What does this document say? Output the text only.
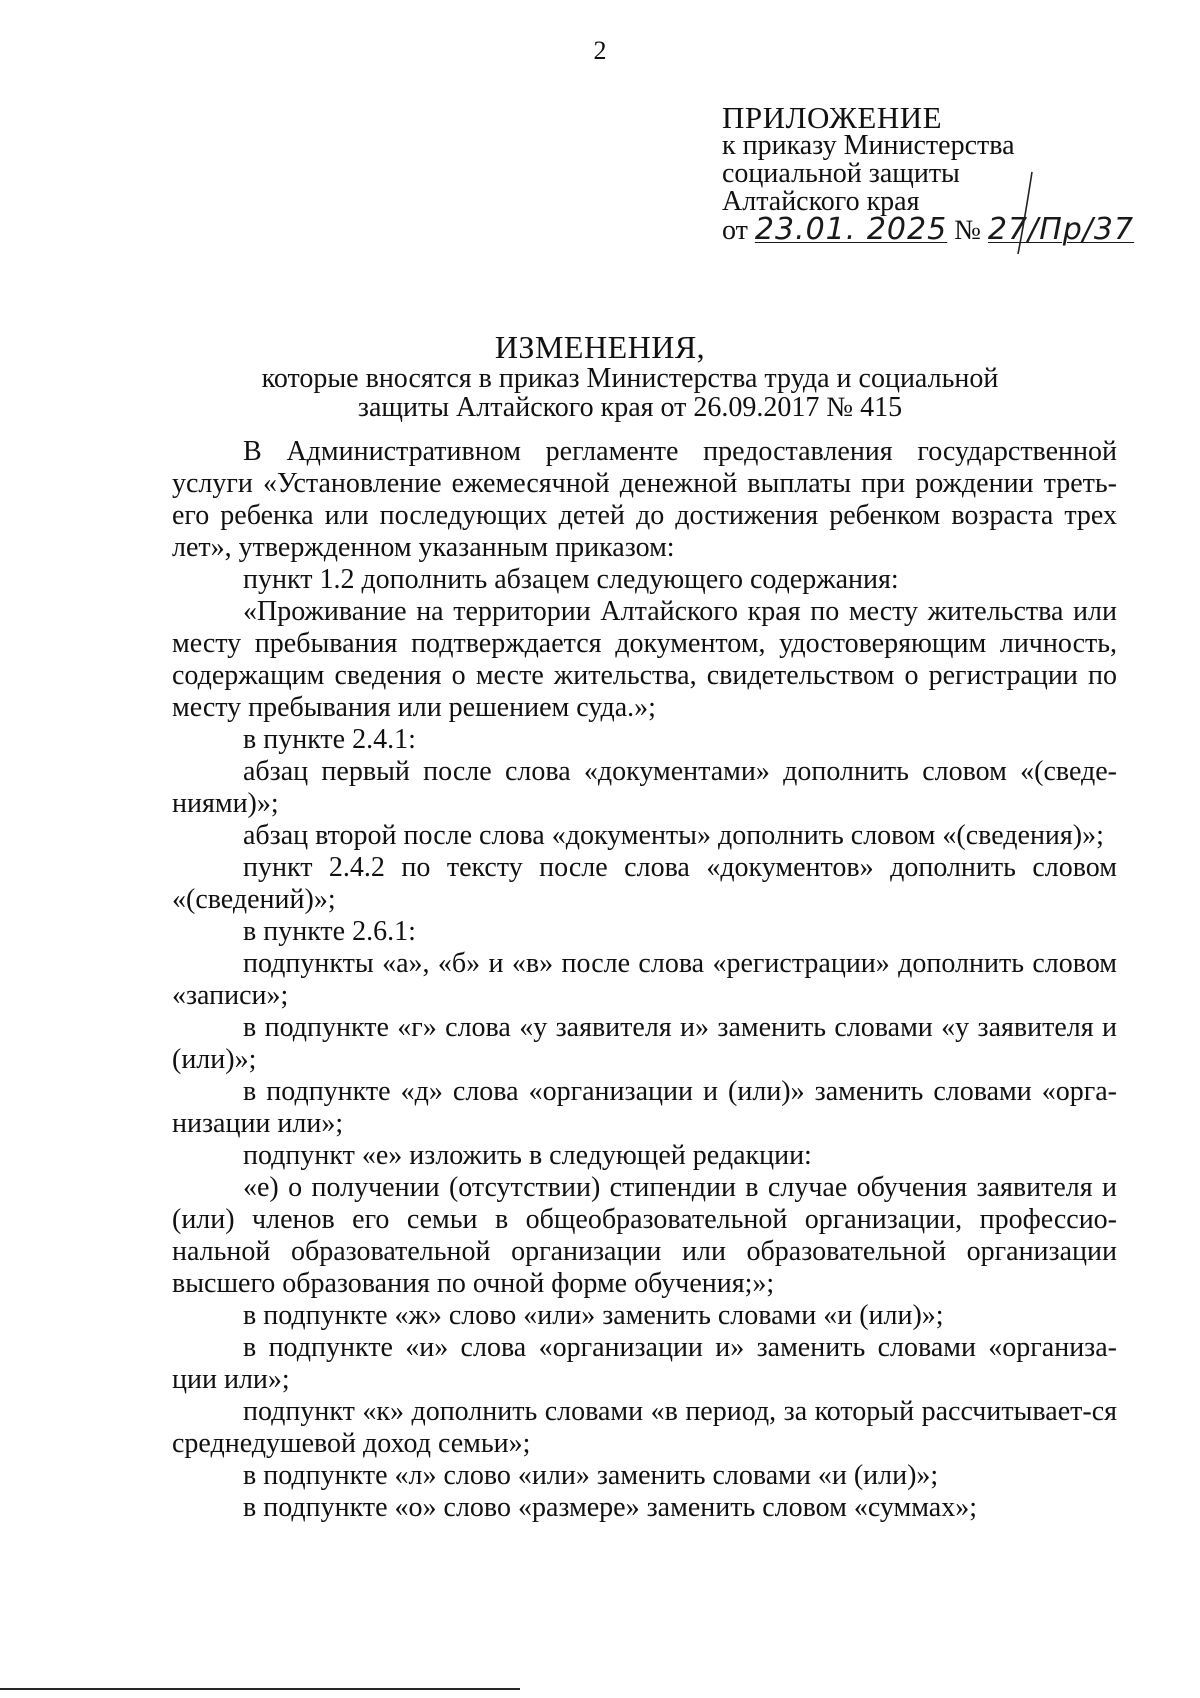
2
ПРИЛОЖЕНИЕ
к приказу Министерства
социальной защиты
Алтайского края
от 23.01. 2025 № 27/Пр/37
ИЗМЕНЕНИЯ,
которые вносятся в приказ Министерства труда и социальной
защиты Алтайского края от 26.09.2017 № 415

В Административном регламенте предоставления государственной услуги «Установление ежемесячной денежной выплаты при рождении треть-его ребенка или последующих детей до достижения ребенком возраста трех лет», утвержденном указанным приказом:

пункт 1.2 дополнить абзацем следующего содержания:

«Проживание на территории Алтайского края по месту жительства или месту пребывания подтверждается документом, удостоверяющим личность, содержащим сведения о месте жительства, свидетельством о регистрации по месту пребывания или решением суда.»;

в пункте 2.4.1:

абзац первый после слова «документами» дополнить словом «(сведе-ниями)»;

абзац второй после слова «документы» дополнить словом «(сведения)»;

пункт 2.4.2 по тексту после слова «документов» дополнить словом «(сведений)»;

в пункте 2.6.1:

подпункты «а», «б» и «в» после слова «регистрации» дополнить словом «записи»;

в подпункте «г» слова «у заявителя и» заменить словами «у заявителя и (или)»;

в подпункте «д» слова «организации и (или)» заменить словами «орга-низации или»;

подпункт «е» изложить в следующей редакции:

«е) о получении (отсутствии) стипендии в случае обучения заявителя и (или) членов его семьи в общеобразовательной организации, профессио-нальной образовательной организации или образовательной организации высшего образования по очной форме обучения;»;

в подпункте «ж» слово «или» заменить словами «и (или)»;

в подпункте «и» слова «организации и» заменить словами «организа-ции или»;

подпункт «к» дополнить словами «в период, за который рассчитывает-ся среднедушевой доход семьи»;

в подпункте «л» слово «или» заменить словами «и (или)»;

в подпункте «о» слово «размере» заменить словом «суммах»;
